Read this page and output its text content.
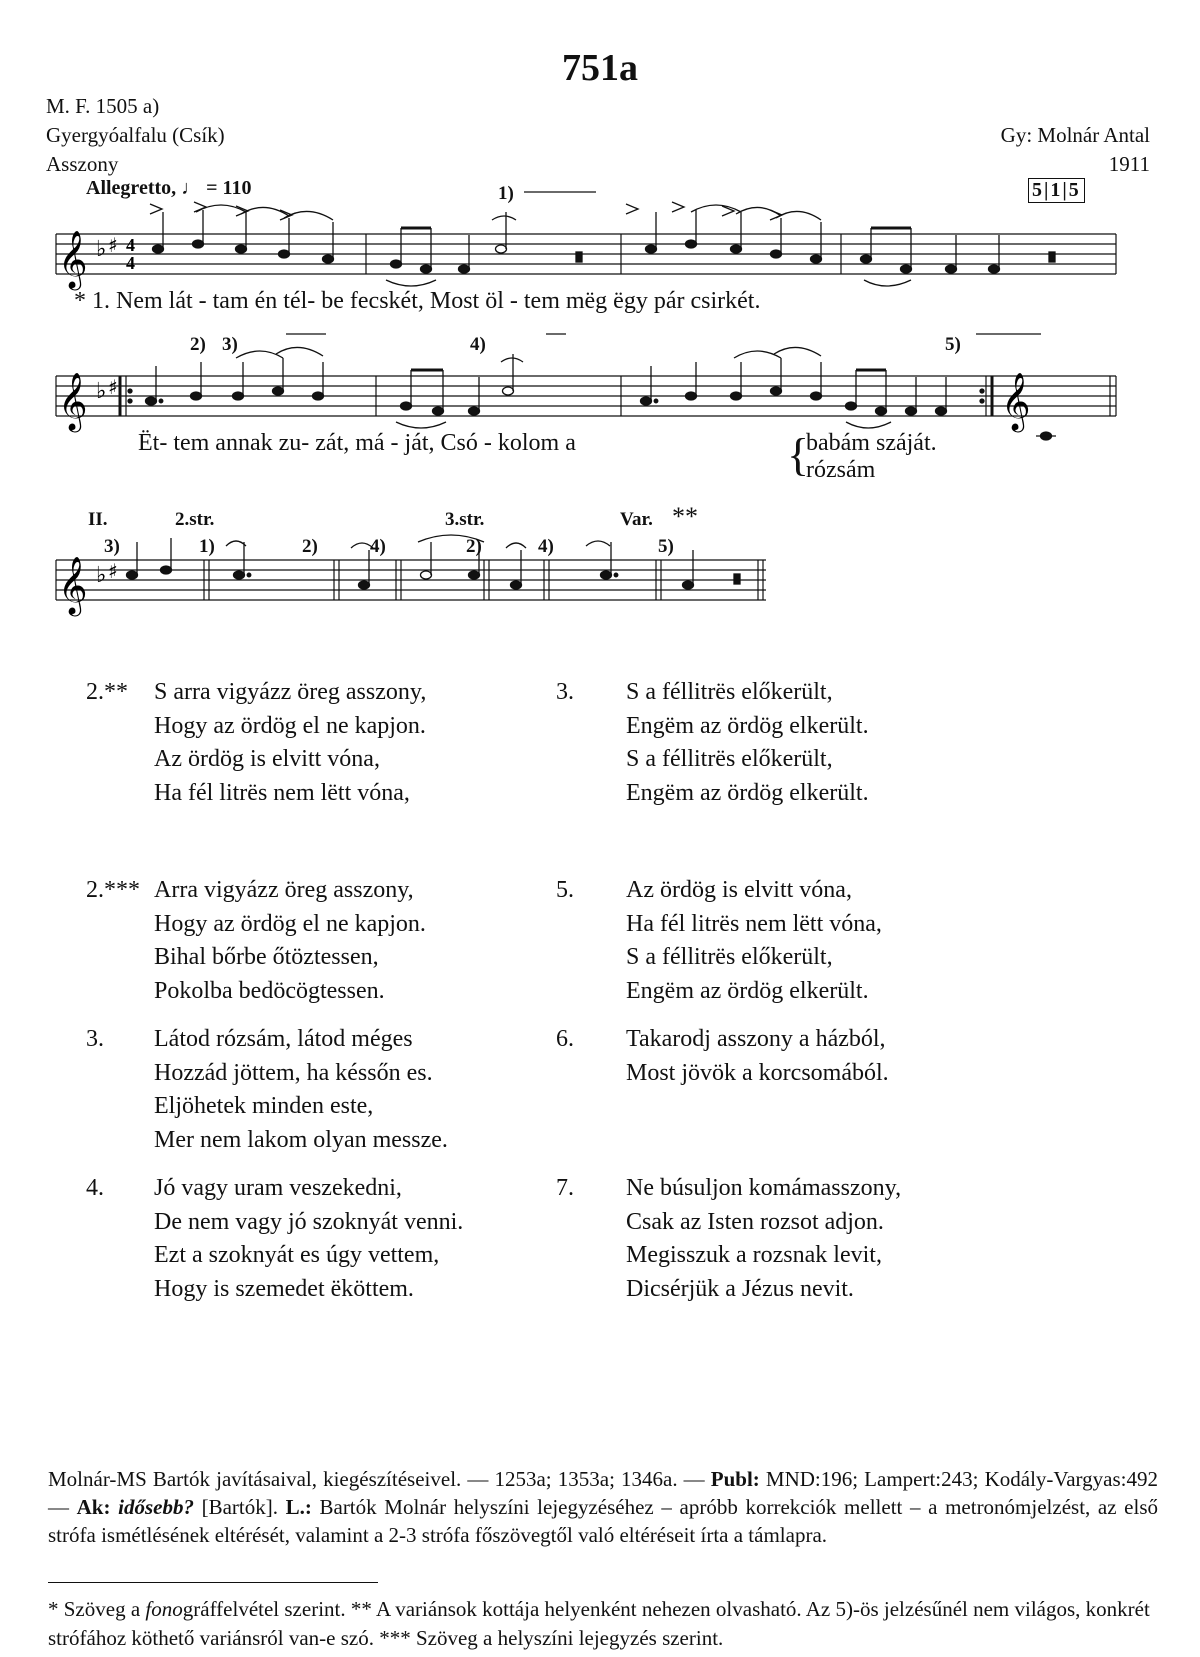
751a
M. F. 1505 a)
Gyergyóalfalu (Csík)
Asszony
Gy: Molnár Antal
1911
5|1|5
Allegretto, ♩ = 110
𝄞 ♭ ♯ 4
4
1)
* 1. Nem lát - tam én tél- be fecskét, Most öl - tem mëg ëgy pár csirkét.
𝄞 ♭ ♯	𝄞
2) 3)	4)	5)
Ët- tem annak zu- zát, má - ját, Csó - kolom a	{
babám száját.
rózsám
𝄞 ♭ ♯
II.	2.str.	3.str.	Var. **
3)	1)	2)	4)	2)	4)	5)
2.** S arra vigyázz öreg asszony,
Hogy az ördög el ne kapjon.
Az ördög is elvitt vóna,
Ha fél litrës nem lëtt vóna,
3. S a féllitrës előkerült,
Engëm az ördög elkerült.
S a féllitrës előkerült,
Engëm az ördög elkerült.
2.*** Arra vigyázz öreg asszony,
Hogy az ördög el ne kapjon.
Bihal bőrbe őtöztessen,
Pokolba bedöcögtessen.
5. Az ördög is elvitt vóna,
Ha fél litrës nem lëtt vóna,
S a féllitrës előkerült,
Engëm az ördög elkerült.
3. Látod rózsám, látod méges
Hozzád jöttem, ha késsőn es.
Eljöhetek minden este,
Mer nem lakom olyan messze.
6. Takarodj asszony a házból,
Most jövök a korcsomából.
4. Jó vagy uram veszekedni,
De nem vagy jó szoknyát venni.
Ezt a szoknyát es úgy vettem,
Hogy is szemedet ëköttem.
7. Ne búsuljon komámasszony,
Csak az Isten rozsot adjon.
Megisszuk a rozsnak levit,
Dicsérjük a Jézus nevit.
Molnár-MS Bartók javításaival, kiegészítéseivel. — 1253a; 1353a; 1346a. — Publ: MND:196; Lampert:243; Kodály-Vargyas:492 — Ak: idősebb? [Bartók]. L.: Bartók Molnár helyszíni lejegyzéséhez – apróbb korrekciók mellett – a metronómjelzést, az első strófa ismétlésének eltérését, valamint a 2-3 strófa főszövegtől való eltéréseit írta a támlapra.
* Szöveg a fonográffelvétel szerint. ** A variánsok kottája helyenként nehezen olvasható. Az 5)-ös jelzésűnél nem világos, konkrét strófához köthető variánsról van-e szó. *** Szöveg a helyszíni lejegyzés szerint.
